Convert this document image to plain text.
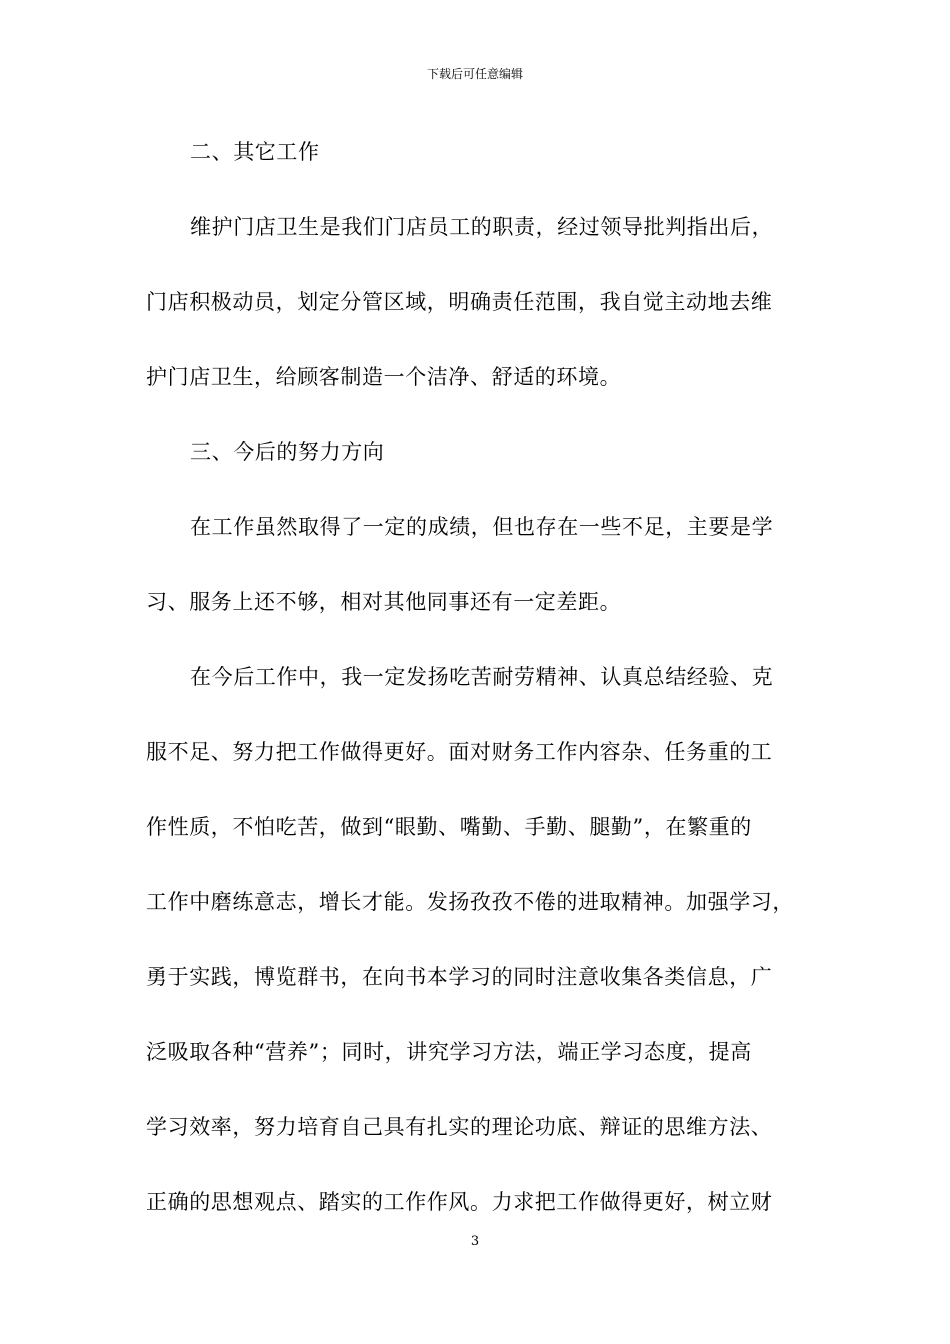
下载后可任意编辑
二、其它工作
维护门店卫生是我们门店员工的职责，经过领导批判指出后，
门店积极动员，划定分管区域，明确责任范围，我自觉主动地去维
护门店卫生，给顾客制造一个洁净、舒适的环境。
三、今后的努力方向
在工作虽然取得了一定的成绩，但也存在一些不足，主要是学
习、服务上还不够，相对其他同事还有一定差距。
在今后工作中，我一定发扬吃苦耐劳精神、认真总结经验、克
服不足、努力把工作做得更好。面对财务工作内容杂、任务重的工
作性质，不怕吃苦，做到“眼勤、嘴勤、手勤、腿勤”，在繁重的
工作中磨练意志，增长才能。发扬孜孜不倦的进取精神。加强学习，
勇于实践，博览群书，在向书本学习的同时注意收集各类信息，广
泛吸取各种“营养”；同时，讲究学习方法，端正学习态度，提高
学习效率，努力培育自己具有扎实的理论功底、辩证的思维方法、
正确的思想观点、踏实的工作作风。力求把工作做得更好，树立财
3
